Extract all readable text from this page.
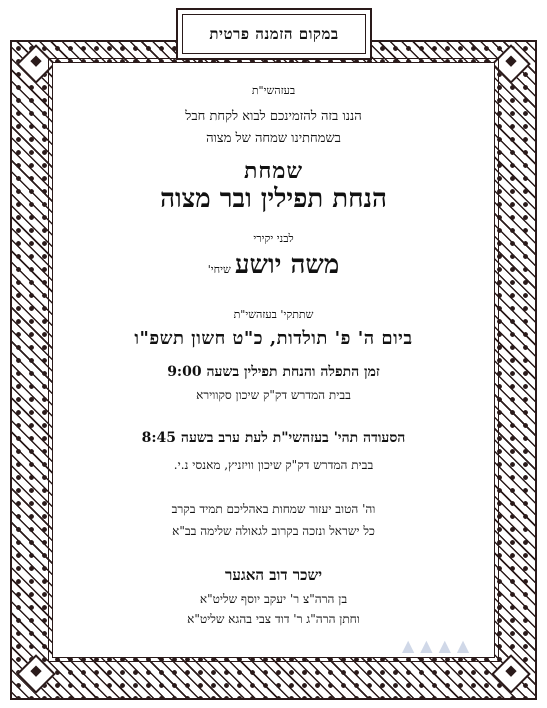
במקום הזמנה פרטית
בעזהשי"ת
הננו בזה להזמינכם לבוא לקחת חבל
בשמחתינו שמחה של מצוה
שמחת
הנחת תפילין ובר מצוה
לבני יקירי
משה יושעשיחי'
שתתקי' בעזהשי"ת
ביום ה' פ' תולדות, כ"ט חשון תשפ"ו
זמן התפלה והנחת תפילין בשעה 9:00
בבית המדרש דק"ק שיכון סקווירא
הסעודה תהי' בעזהשי"ת לעת ערב בשעה 8:45
בבית המדרש דק"ק שיכון וויזניץ, מאנסי נ.י.
וה' הטוב יעזור שמחות באהליכם תמיד בקרב
כל ישראל ונזכה בקרוב לגאולה שלימה בב"א
ישכר דוב האגער
בן הרה"צ ר' יעקב יוסף שליט"א
וחתן הרה"ג ר' דוד צבי בהגא שליט"א
▲▲▲▲
